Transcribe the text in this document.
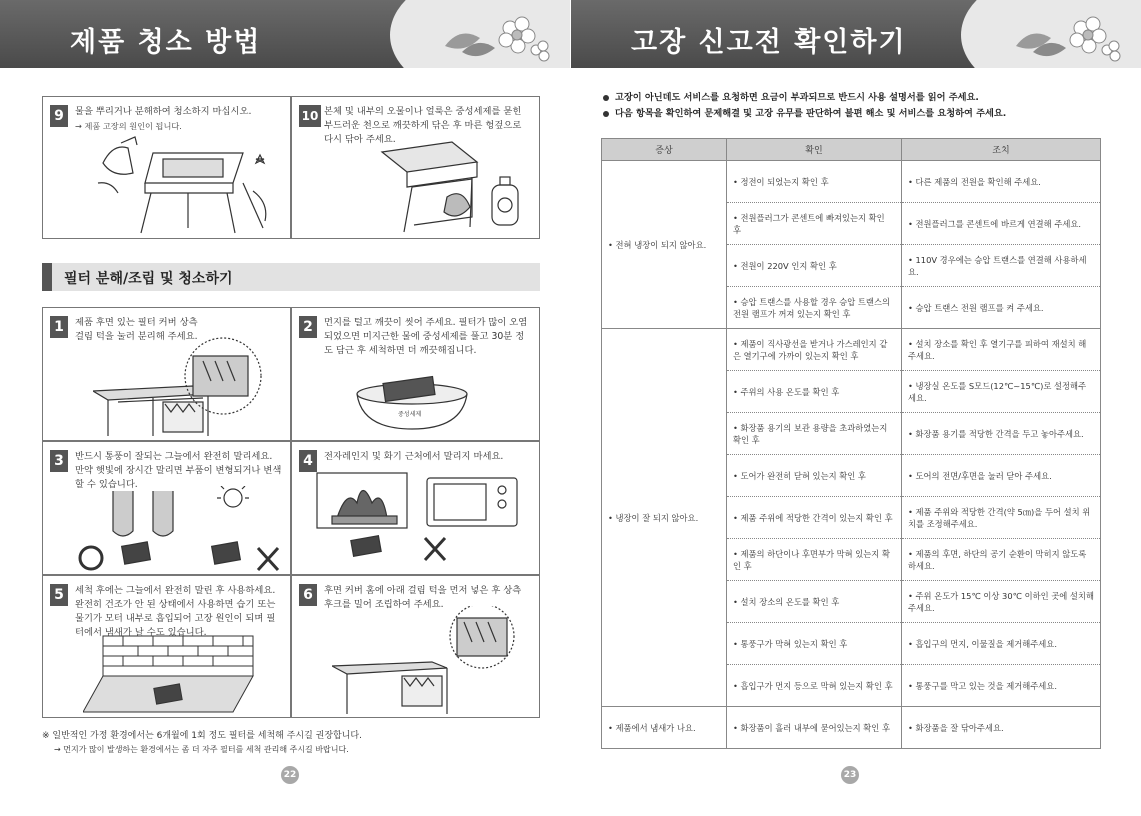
제품 청소 방법
9	물을 뿌리거나 분해하여 청소하지 마십시오.
→ 제품 고장의 원인이 됩니다.
10 본체 및 내부의 오물이나 얼룩은 중성세제를 묻힌 부드러운 천으로 깨끗하게 닦은 후 마른 헝겊으로 다시 닦아 주세요.
필터 분해/조립 및 청소하기
1	제품 후면 있는 필터 커버 상측 걸림 턱을 눌러 분리해 주세요.
2	먼지를 털고 깨끗이 씻어 주세요. 필터가 많이 오염되었으면 미지근한 물에 중성세제를 풀고 30분 정도 담근 후 세척하면 더 깨끗해집니다.
중성세제
3	반드시 통풍이 잘되는 그늘에서 완전히 말리세요. 만약 햇빛에 장시간 말리면 부품이 변형되거나 변색할 수 있습니다.
4	전자레인지 및 화기 근처에서 말리지 마세요.
5	세척 후에는 그늘에서 완전히 말린 후 사용하세요. 완전히 건조가 안 된 상태에서 사용하면 습기 또는 물기가 모터 내부로 흡입되어 고장 원인이 되며 필터에서 냄새가 날 수도 있습니다.
6	후면 커버 홈에 아래 걸림 턱을 먼저 넣은 후 상측 후크를 밀어 조립하여 주세요.
※ 일반적인 가정 환경에서는 6개월에 1회 정도 필터를 세척해 주시길 권장합니다.
→ 먼지가 많이 발생하는 환경에서는 좀 더 자주 필터를 세척 관리해 주시길 바랍니다.
22
고장 신고전 확인하기
고장이 아닌데도 서비스를 요청하면 요금이 부과되므로 반드시 사용 설명서를 읽어 주세요.
다음 항목을 확인하여 문제해결 및 고장 유무를 판단하여 불편 해소 및 서비스를 요청하여 주세요.
증상	확인	조치
• 전혀 냉장이 되지 않아요.	• 정전이 되었는지 확인 후	• 다른 제품의 전원을 확인해 주세요.
	• 전원플러그가 콘센트에 빠져있는지 확인 후	• 전원플러그를 콘센트에 바르게 연결해 주세요.
	• 전원이 220V 인지 확인 후	• 110V 경우에는 승압 트랜스를 연결해 사용하세요.
	• 승압 트랜스를 사용할 경우 승압 트랜스의 전원 램프가 꺼져 있는지 확인 후	• 승압 트랜스 전원 램프를 켜 주세요.
• 냉장이 잘 되지 않아요.	• 제품이 직사광선을 받거나 가스레인지 같은 열기구에 가까이 있는지 확인 후	• 설치 장소를 확인 후 열기구를 피하여 재설치 해주세요.
	• 주위의 사용 온도를 확인 후	• 냉장실 온도를 S모드(12℃~15℃)로 설정해주세요.
	• 화장품 용기의 보관 용량을 초과하였는지 확인 후	• 화장품 용기를 적당한 간격을 두고 놓아주세요.
	• 도어가 완전히 닫혀 있는지 확인 후	• 도어의 전면/후면을 눌러 닫아 주세요.
	• 제품 주위에 적당한 간격이 있는지 확인 후	• 제품 주위와 적당한 간격(약 5㎝)을 두어 설치 위치를 조정해주세요.
	• 제품의 하단이나 후면부가 막혀 있는지 확인 후	• 제품의 후면, 하단의 공기 순환이 막히지 않도록 하세요.
	• 설치 장소의 온도를 확인 후	• 주위 온도가 15℃ 이상 30℃ 이하인 곳에 설치해주세요.
	• 통풍구가 막혀 있는지 확인 후	• 흡입구의 먼지, 이물질을 제거해주세요.
	• 흡입구가 먼지 등으로 막혀 있는지 확인 후	• 통풍구를 막고 있는 것을 제거해주세요.
• 제품에서 냄새가 나요.	• 화장품이 흘러 내부에 묻어있는지 확인 후	• 화장품을 잘 닦아주세요.
23
